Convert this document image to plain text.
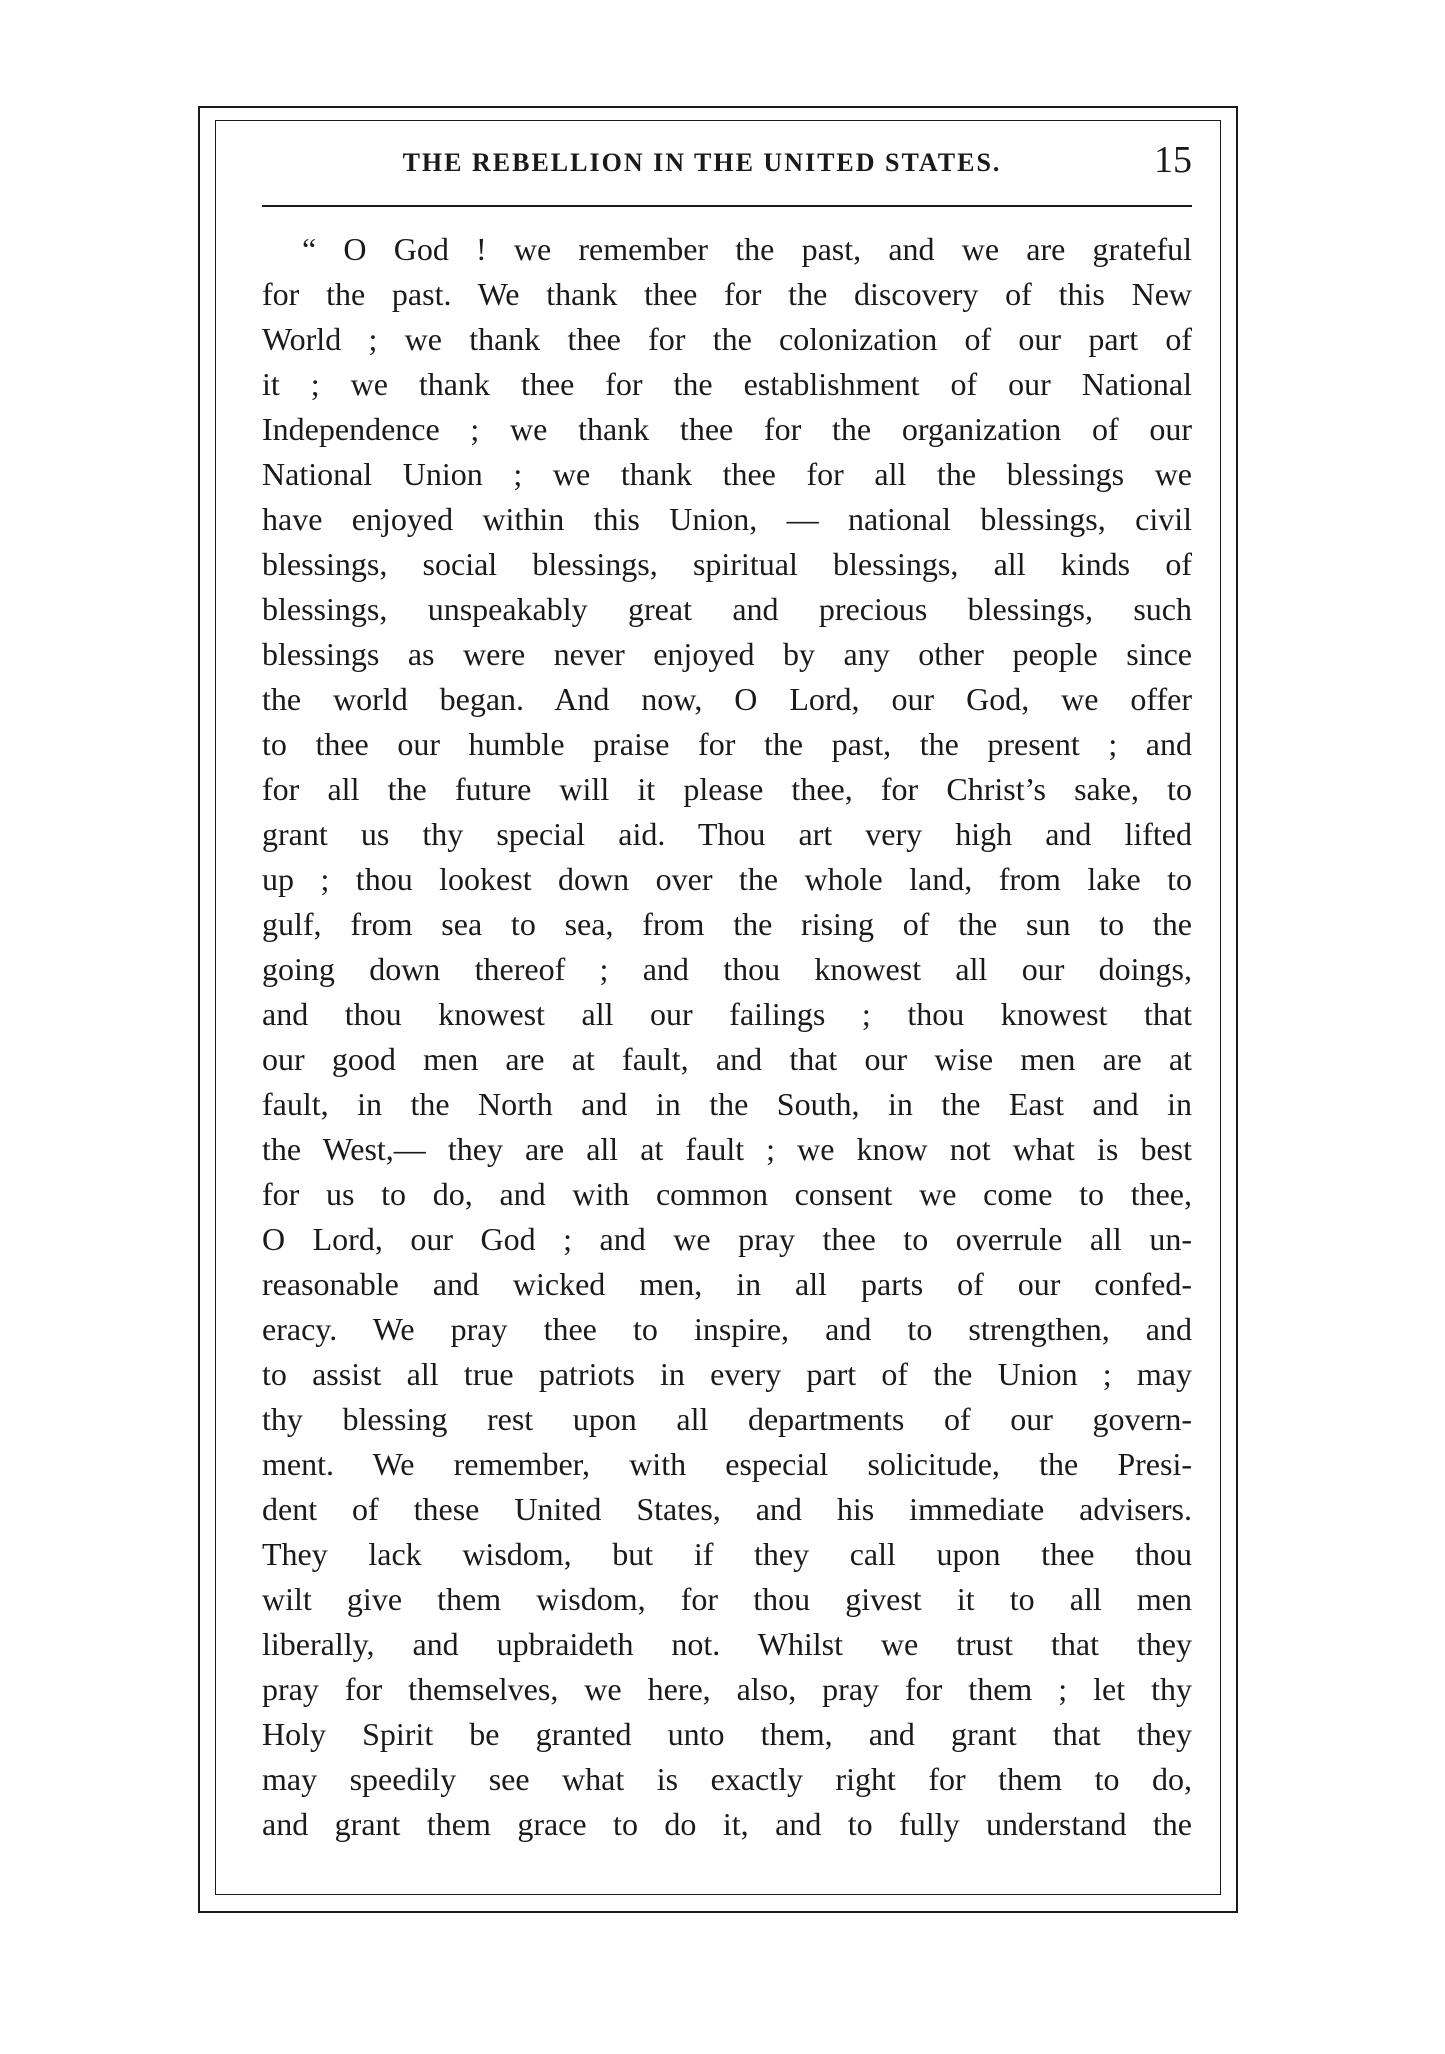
THE REBELLION IN THE UNITED STATES.	15
“ O God ! we remember the past, and we are grateful
for the past. We thank thee for the discovery of this New
World ; we thank thee for the colonization of our part of
it ; we thank thee for the establishment of our National
Independence ; we thank thee for the organization of our
National Union ; we thank thee for all the blessings we
have enjoyed within this Union, — national blessings, civil
blessings, social blessings, spiritual blessings, all kinds of
blessings, unspeakably great and precious blessings, such
blessings as were never enjoyed by any other people since
the world began. And now, O Lord, our God, we offer
to thee our humble praise for the past, the present ; and
for all the future will it please thee, for Christ’s sake, to
grant us thy special aid. Thou art very high and lifted
up ; thou lookest down over the whole land, from lake to
gulf, from sea to sea, from the rising of the sun to the
going down thereof ; and thou knowest all our doings,
and thou knowest all our failings ; thou knowest that
our good men are at fault, and that our wise men are at
fault, in the North and in the South, in the East and in
the West,— they are all at fault ; we know not what is best
for us to do, and with common consent we come to thee,
O Lord, our God ; and we pray thee to overrule all un-
reasonable and wicked men, in all parts of our confed-
eracy. We pray thee to inspire, and to strengthen, and
to assist all true patriots in every part of the Union ; may
thy blessing rest upon all departments of our govern-
ment. We remember, with especial solicitude, the Presi-
dent of these United States, and his immediate advisers.
They lack wisdom, but if they call upon thee thou
wilt give them wisdom, for thou givest it to all men
liberally, and upbraideth not. Whilst we trust that they
pray for themselves, we here, also, pray for them ; let thy
Holy Spirit be granted unto them, and grant that they
may speedily see what is exactly right for them to do,
and grant them grace to do it, and to fully understand the
